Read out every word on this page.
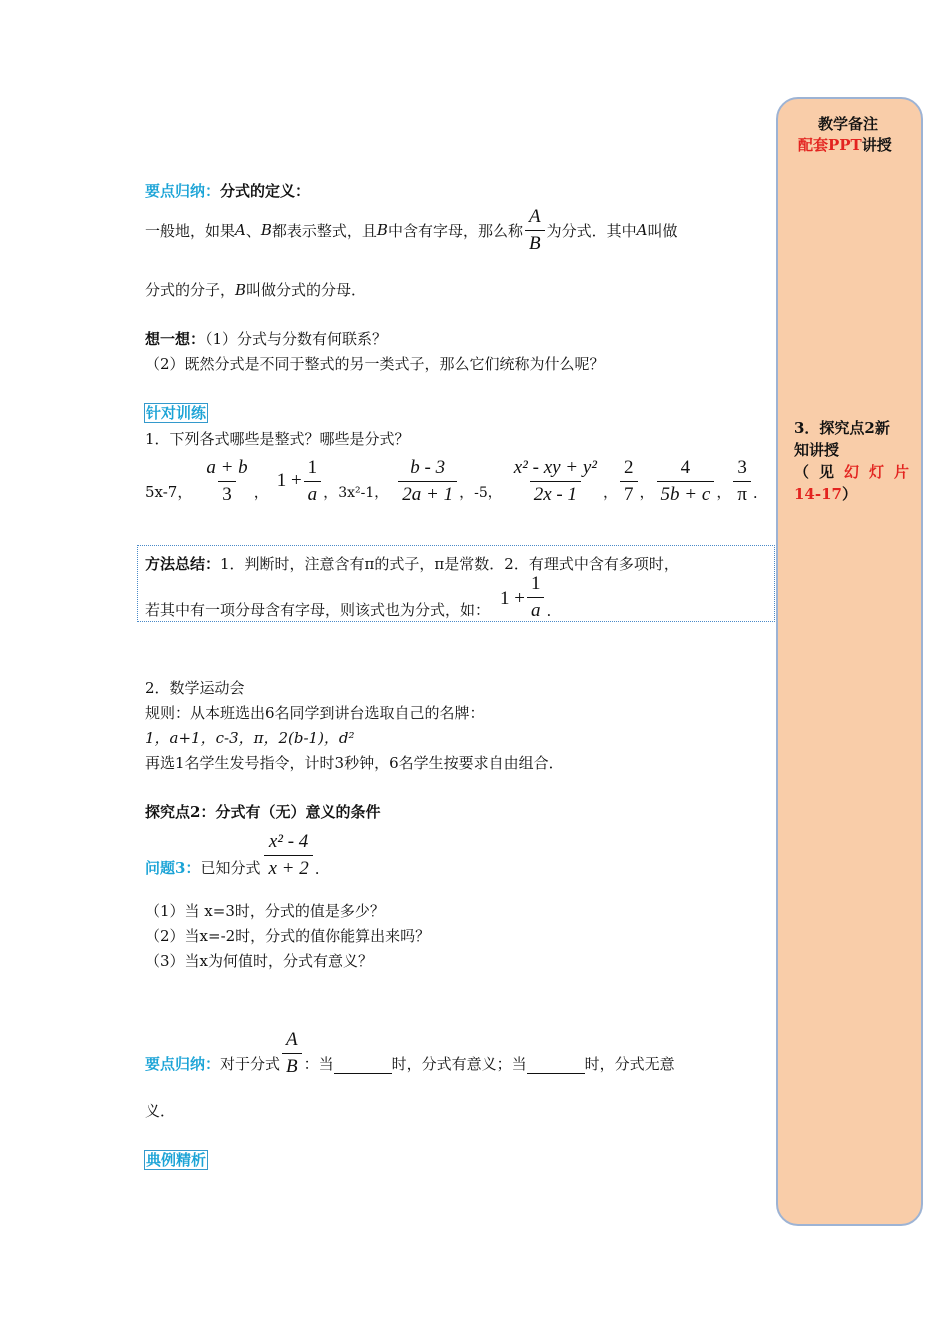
教学备注
配套PPT讲授
3．探究点2新
知讲授
（见幻灯片
14-17）
要点归纳：分式的定义：
一般地，如果 A 、 B 都表示整式，且 B 中含有字母，那么称 $\frac{A}{B}$ 为分式．其中 A 叫做
分式的分子，B叫做分式的分母．
想一想：（1）分式与分数有何联系？
（2）既然分式是不同于整式的另一类式子，那么它们统称为什么呢？
针对训练
1．下列各式哪些是整式？哪些是分式？
5x-7， $\frac{a + b}{3}$ ，
$1 + \frac{1}{a}$ ， 3x²-1， $\frac{b - 3}{2a + 1}$ ， -5， $\frac{\text{x² - xy + y²}}{2x - 1}$ ， $\frac{2}{7}$ ， $\frac{4}{5b + c}$ ， $\frac{3}{\pi}$ .
方法总结：1．判断时，注意含有π的式子，π是常数．2．有理式中含有多项时，
若其中有一项分母含有字母，则该式也为分式，如：
$1 + \frac{1}{a}$ .
2．数学运动会
规则：从本班选出6名同学到讲台选取自己的名牌：
1，a+1，c-3，π，2(b-1)，d²
再选1名学生发号指令，计时3秒钟，6名学生按要求自由组合．
探究点2：分式有（无）意义的条件
问题3： 已知分式 $\frac{\text{x² - 4}}{x + 2}$ .
（1）当 x=3时，分式的值是多少？
（2）当x=-2时，分式的值你能算出来吗？
（3）当x为何值时，分式有意义？
要点归纳： 对于分式 $\frac{A}{B}$ ：当	时，分式有意义；当	时，分式无意
义．
典例精析
